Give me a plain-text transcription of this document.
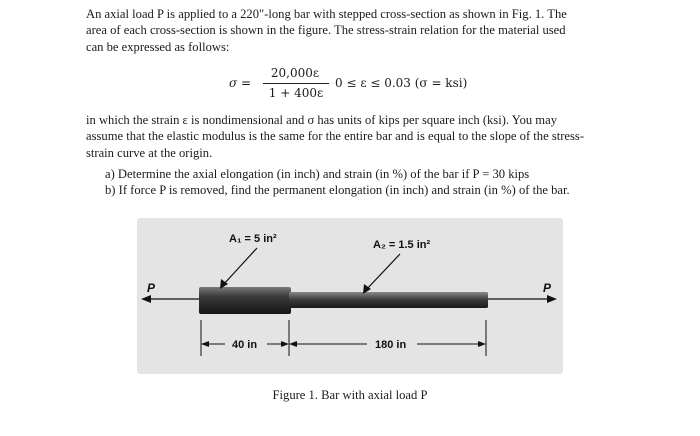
An axial load P is applied to a 220"-long bar with stepped cross-section as shown in Fig. 1. The
area of each cross-section is shown in the figure. The stress-strain relation for the material used
can be expressed as follows:
σ =
20,000ε
1 + 400ε
0 ≤ ε ≤ 0.03 (σ = ksi)
in which the strain ε is nondimensional and σ has units of kips per square inch (ksi). You may
assume that the elastic modulus is the same for the entire bar and is equal to the slope of the stress-
strain curve at the origin.
a) Determine the axial elongation (in inch) and strain (in %) of the bar if P = 30 kips
b) If force P is removed, find the permanent elongation (in inch) and strain (in %) of the bar.
A₁ = 5 in²	A₂ = 1.5 in²
P	P
40 in	180 in
Figure 1. Bar with axial load P
